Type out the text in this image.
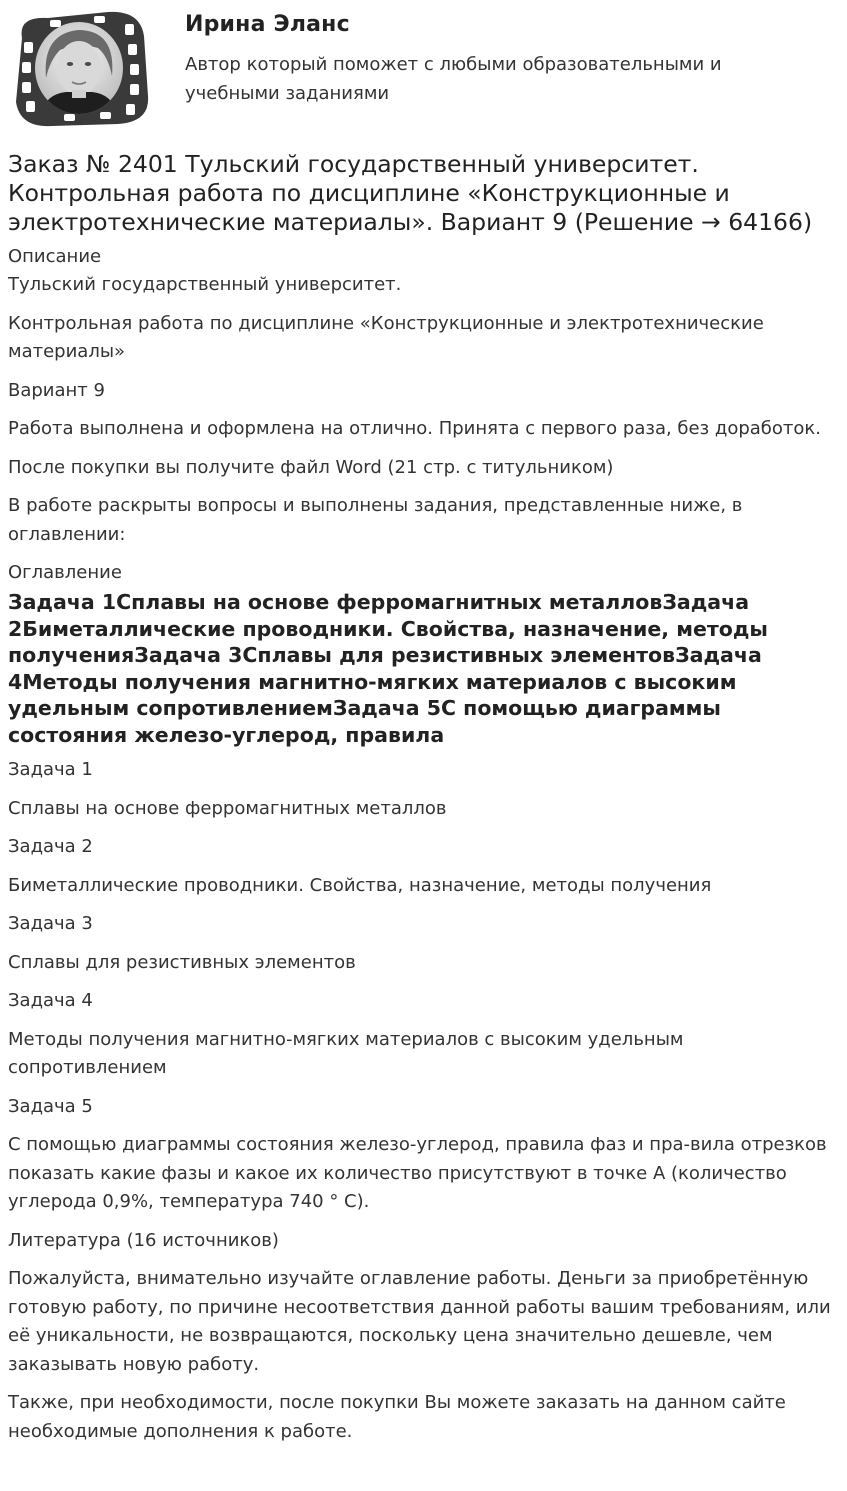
Ирина Эланс
Автор который поможет с любыми образовательными и учебными заданиями
Заказ № 2401 Тульский государственный университет. Контрольная работа по дисциплине «Конструкционные и электротехнические материалы». Вариант 9 (Решение → 64166)
Описание

Тульский государственный университет.

Контрольная работа по дисциплине «Конструкционные и электротехнические материалы»

Вариант 9

Работа выполнена и оформлена на отлично. Принята с первого раза, без доработок.

После покупки вы получите файл Word (21 стр. с титульником)

В работе раскрыты вопросы и выполнены задания, представленные ниже, в оглавлении:

Оглавление
Задача 1Сплавы на основе ферромагнитных металловЗадача 2Биметаллические проводники. Свойства, назначение, методы полученияЗадача 3Сплавы для резистивных элементовЗадача 4Методы получения магнитно-мягких материалов с высоким удельным сопротивлениемЗадача 5С помощью диаграммы состояния железо-углерод, правила

Задача 1

Сплавы на основе ферромагнитных металлов

Задача 2

Биметаллические проводники. Свойства, назначение, методы получения

Задача 3

Сплавы для резистивных элементов

Задача 4

Методы получения магнитно-мягких материалов с высоким удельным сопротивлением

Задача 5

С помощью диаграммы состояния железо-углерод, правила фаз и пра-вила отрезков показать какие фазы и какое их количество присутствуют в точке А (количество углерода 0,9%, температура 740 ° С).

Литература (16 источников)

Пожалуйста, внимательно изучайте оглавление работы. Деньги за приобретённую готовую работу, по причине несоответствия данной работы вашим требованиям, или её уникальности, не возвращаются, поскольку цена значительно дешевле, чем заказывать новую работу.

Также, при необходимости, после покупки Вы можете заказать на данном сайте необходимые дополнения к работе.
